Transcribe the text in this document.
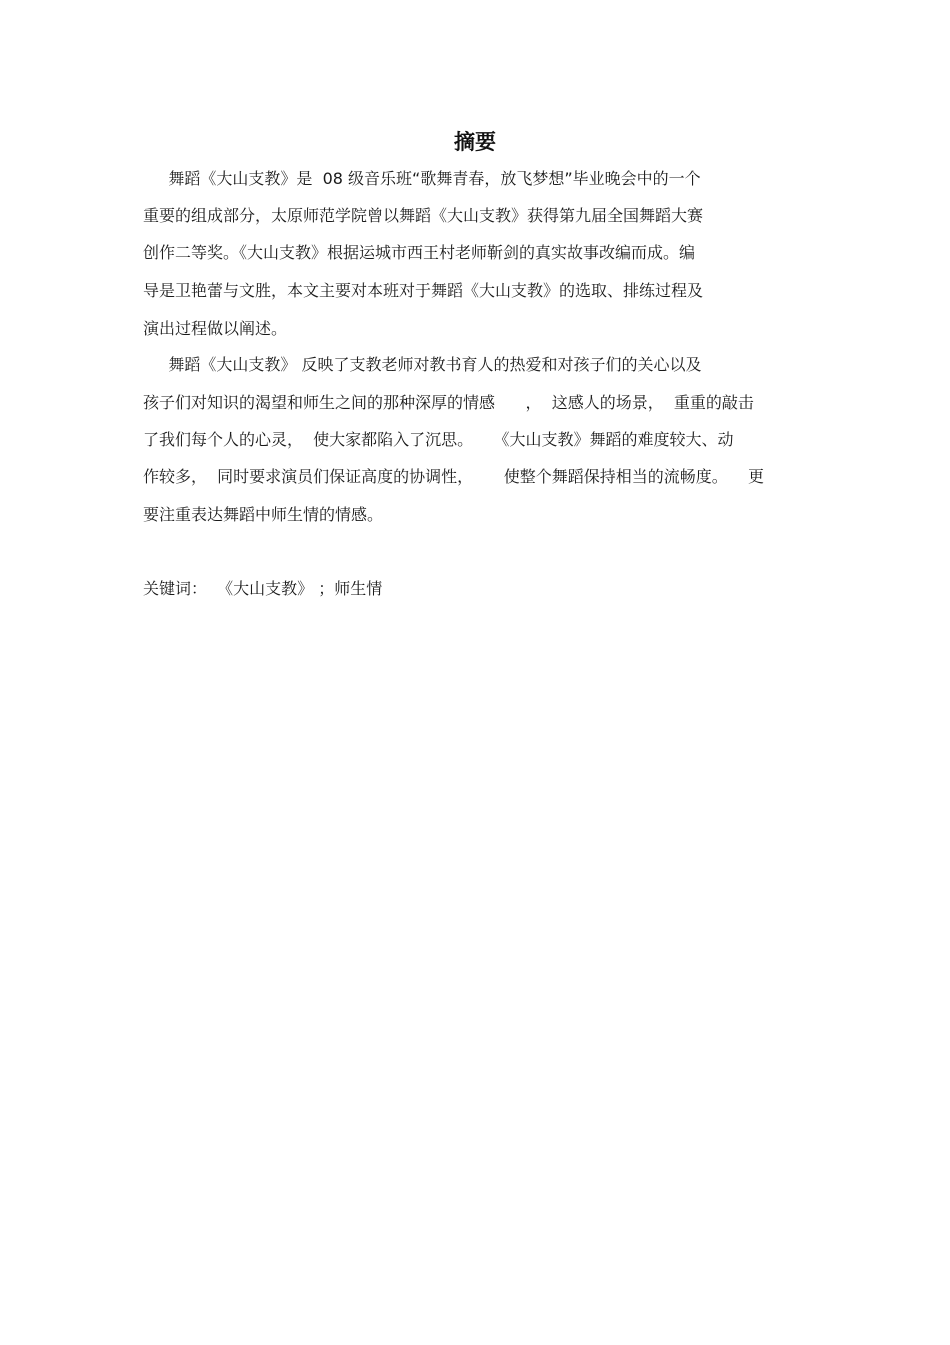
摘要

舞蹈《大山支教》是  08 级音乐班“歌舞青春，放飞梦想”毕业晚会中的一个

重要的组成部分，太原师范学院曾以舞蹈《大山支教》获得第九届全国舞蹈大赛

创作二等奖。《大山支教》根据运城市西王村老师靳剑的真实故事改编而成。编

导是卫艳蕾与文胜，本文主要对本班对于舞蹈《大山支教》的选取、排练过程及

演出过程做以阐述。

舞蹈《大山支教》 反映了支教老师对教书育人的热爱和对孩子们的关心以及

孩子们对知识的渴望和师生之间的那种深厚的情感      ，  这感人的场景，  重重的敲击

了我们每个人的心灵，  使大家都陷入了沉思。    《大山支教》舞蹈的难度较大、动

作较多，  同时要求演员们保证高度的协调性，      使整个舞蹈保持相当的流畅度。    更

要注重表达舞蹈中师生情的情感。

关键词：  《大山支教》 ；师生情
